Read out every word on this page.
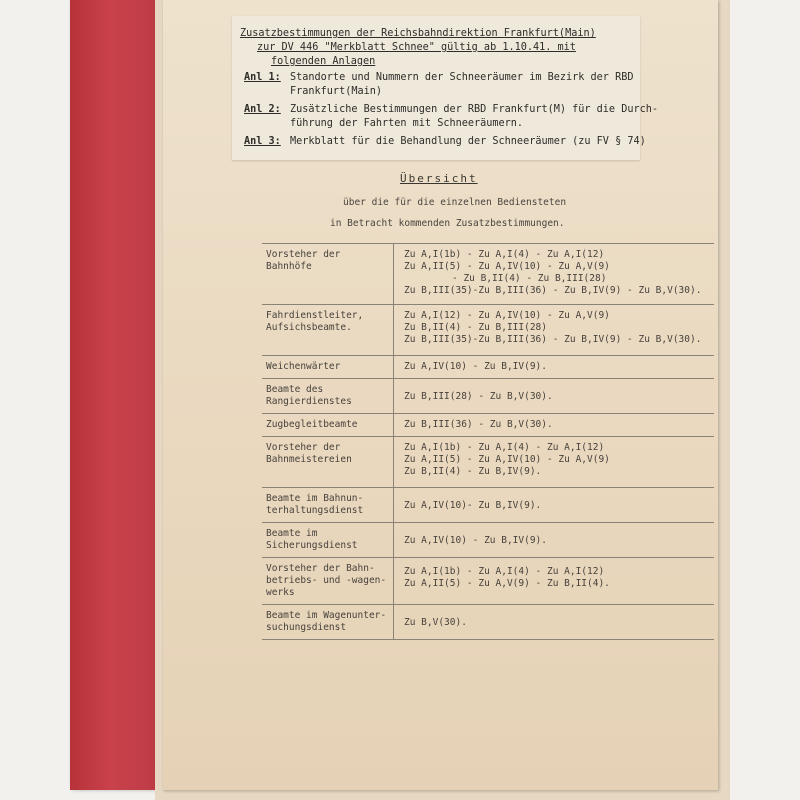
Zusatzbestimmungen der Reichsbahndirektion Frankfurt(Main)
zur DV 446 "Merkblatt Schnee" gültig ab 1.10.41. mit
folgenden Anlagen
Anl 1: Standorte und Nummern der Schneeräumer im Bezirk der RBD
Frankfurt(Main)
Anl 2: Zusätzliche Bestimmungen der RBD Frankfurt(M) für die Durch-
führung der Fahrten mit Schneeräumern.
Anl 3: Merkblatt für die Behandlung der Schneeräumer (zu FV § 74)
Übersicht
über die für die einzelnen Bediensteten
in Betracht kommenden Zusatzbestimmungen.
Vorsteher der
Bahnhöfe	Zu A,I(1b) - Zu A,I(4) - Zu A,I(12)
Zu A,II(5) - Zu A,IV(10) - Zu A,V(9)
- Zu B,II(4) - Zu B,III(28)
Zu B,III(35)-Zu B,III(36) - Zu B,IV(9) - Zu B,V(30).

Fahrdienstleiter,
Aufsichsbeamte.	Zu A,I(12) - Zu A,IV(10) - Zu A,V(9)
Zu B,II(4) - Zu B,III(28)
Zu B,III(35)-Zu B,III(36) - Zu B,IV(9) - Zu B,V(30).

Weichenwärter	Zu A,IV(10) - Zu B,IV(9).

Beamte des
Rangierdienstes	Zu B,III(28) - Zu B,V(30).

Zugbegleitbeamte	Zu B,III(36) - Zu B,V(30).

Vorsteher der
Bahnmeistereien	Zu A,I(1b) - Zu A,I(4) - Zu A,I(12)
Zu A,II(5) - Zu A,IV(10) - Zu A,V(9)
Zu B,II(4) - Zu B,IV(9).

Beamte im Bahnun-
terhaltungsdienst	Zu A,IV(10)- Zu B,IV(9).

Beamte im
Sicherungsdienst	Zu A,IV(10) - Zu B,IV(9).

Vorsteher der Bahn-
betriebs- und -wagen-
werks	Zu A,I(1b) - Zu A,I(4) - Zu A,I(12)
Zu A,II(5) - Zu A,V(9) - Zu B,II(4).

Beamte im Wagenunter-
suchungsdienst	Zu B,V(30).
